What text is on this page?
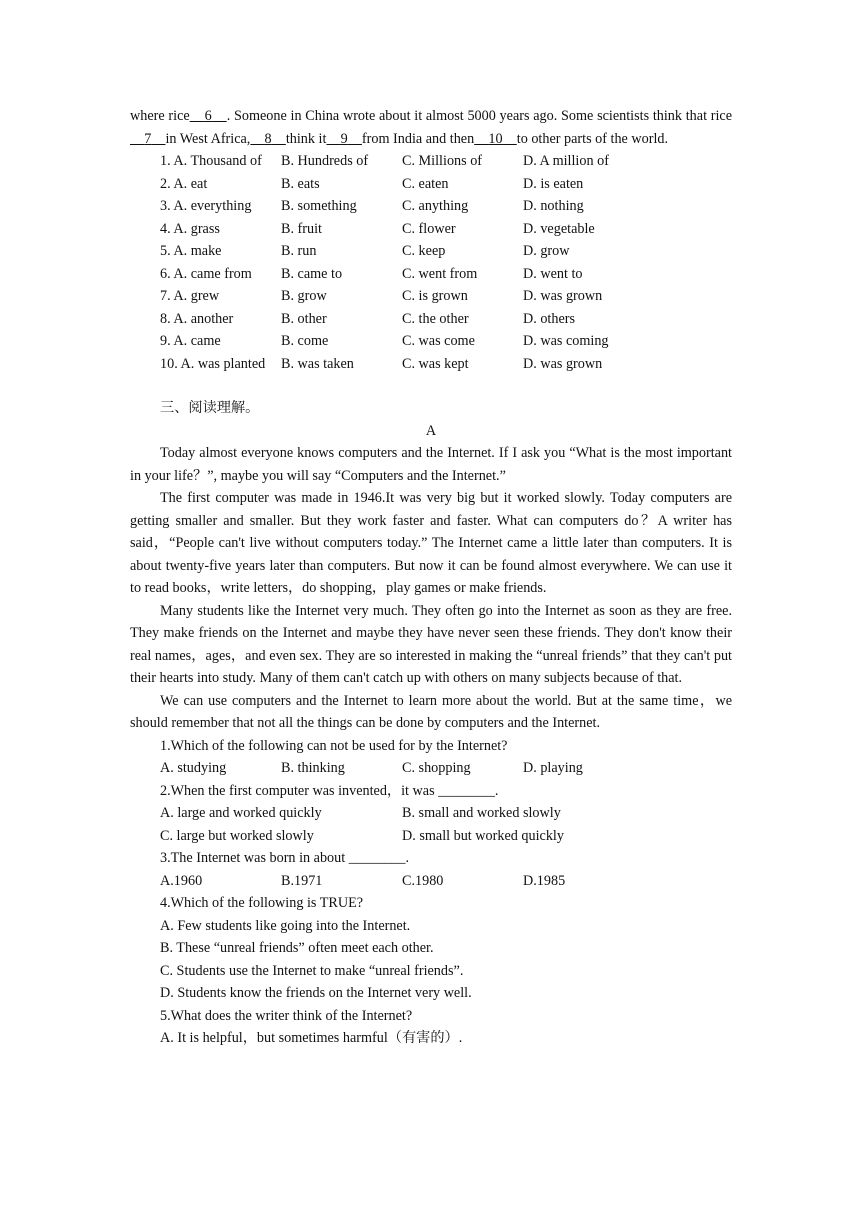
where rice 6 . Someone in China wrote about it almost 5000 years ago. Some scientists think that rice    7 in West Africa, 8 think it 9 from India and then 10 to other parts of the world.

1. A. Thousand of	B. Hundreds of	C. Millions of	D. A million of
2. A. eat	B. eats	C. eaten	D. is eaten
3. A. everything	B. something	C. anything	D. nothing
4. A. grass	B. fruit	C. flower	D. vegetable
5. A. make	B. run	C. keep	D. grow
6. A. came from	B. came to	C. went from	D. went to
7. A. grew	B. grow	C. is grown	D. was grown
8. A. another	B. other	C. the other	D. others
9. A. came	B. come	C. was come	D. was coming
10. A. was planted	B. was taken	C. was kept	D. was grown
三、阅读理解。
A

Today almost everyone knows computers and the Internet. If I ask you “What is the most important in your life？”, maybe you will say “Computers and the Internet.”

The first computer was made in 1946.It was very big but it worked slowly. Today computers are getting smaller and smaller. But they work faster and faster. What can computers do？A writer has said，“People can't live without computers today.” The Internet came a little later than computers. It is about twenty-five years later than computers. But now it can be found almost everywhere. We can use it to read books，write letters，do shopping，play games or make friends.

Many students like the Internet very much. They often go into the Internet as soon as they are free. They make friends on the Internet and maybe they have never seen these friends. They don't know their real names，ages，and even sex. They are so interested in making the “unreal friends” that they can't put their hearts into study. Many of them can't catch up with others on many subjects because of that.

We can use computers and the Internet to learn more about the world. But at the same time，we should remember that not all the things can be done by computers and the Internet.

1.Which of the following can not be used for by the Internet?
A. studying	B. thinking	C. shopping	D. playing
2.When the first computer was invented，it was ________.
A. large and worked quickly	B. small and worked slowly
C. large but worked slowly	D. small but worked quickly
3.The Internet was born in about ________.
A.1960	B.1971	C.1980	D.1985
4.Which of the following is TRUE?
A. Few students like going into the Internet.
B. These “unreal friends” often meet each other.
C. Students use the Internet to make “unreal friends”.
D. Students know the friends on the Internet very well.
5.What does the writer think of the Internet?
A. It is helpful，but sometimes harmful（有害的）.
